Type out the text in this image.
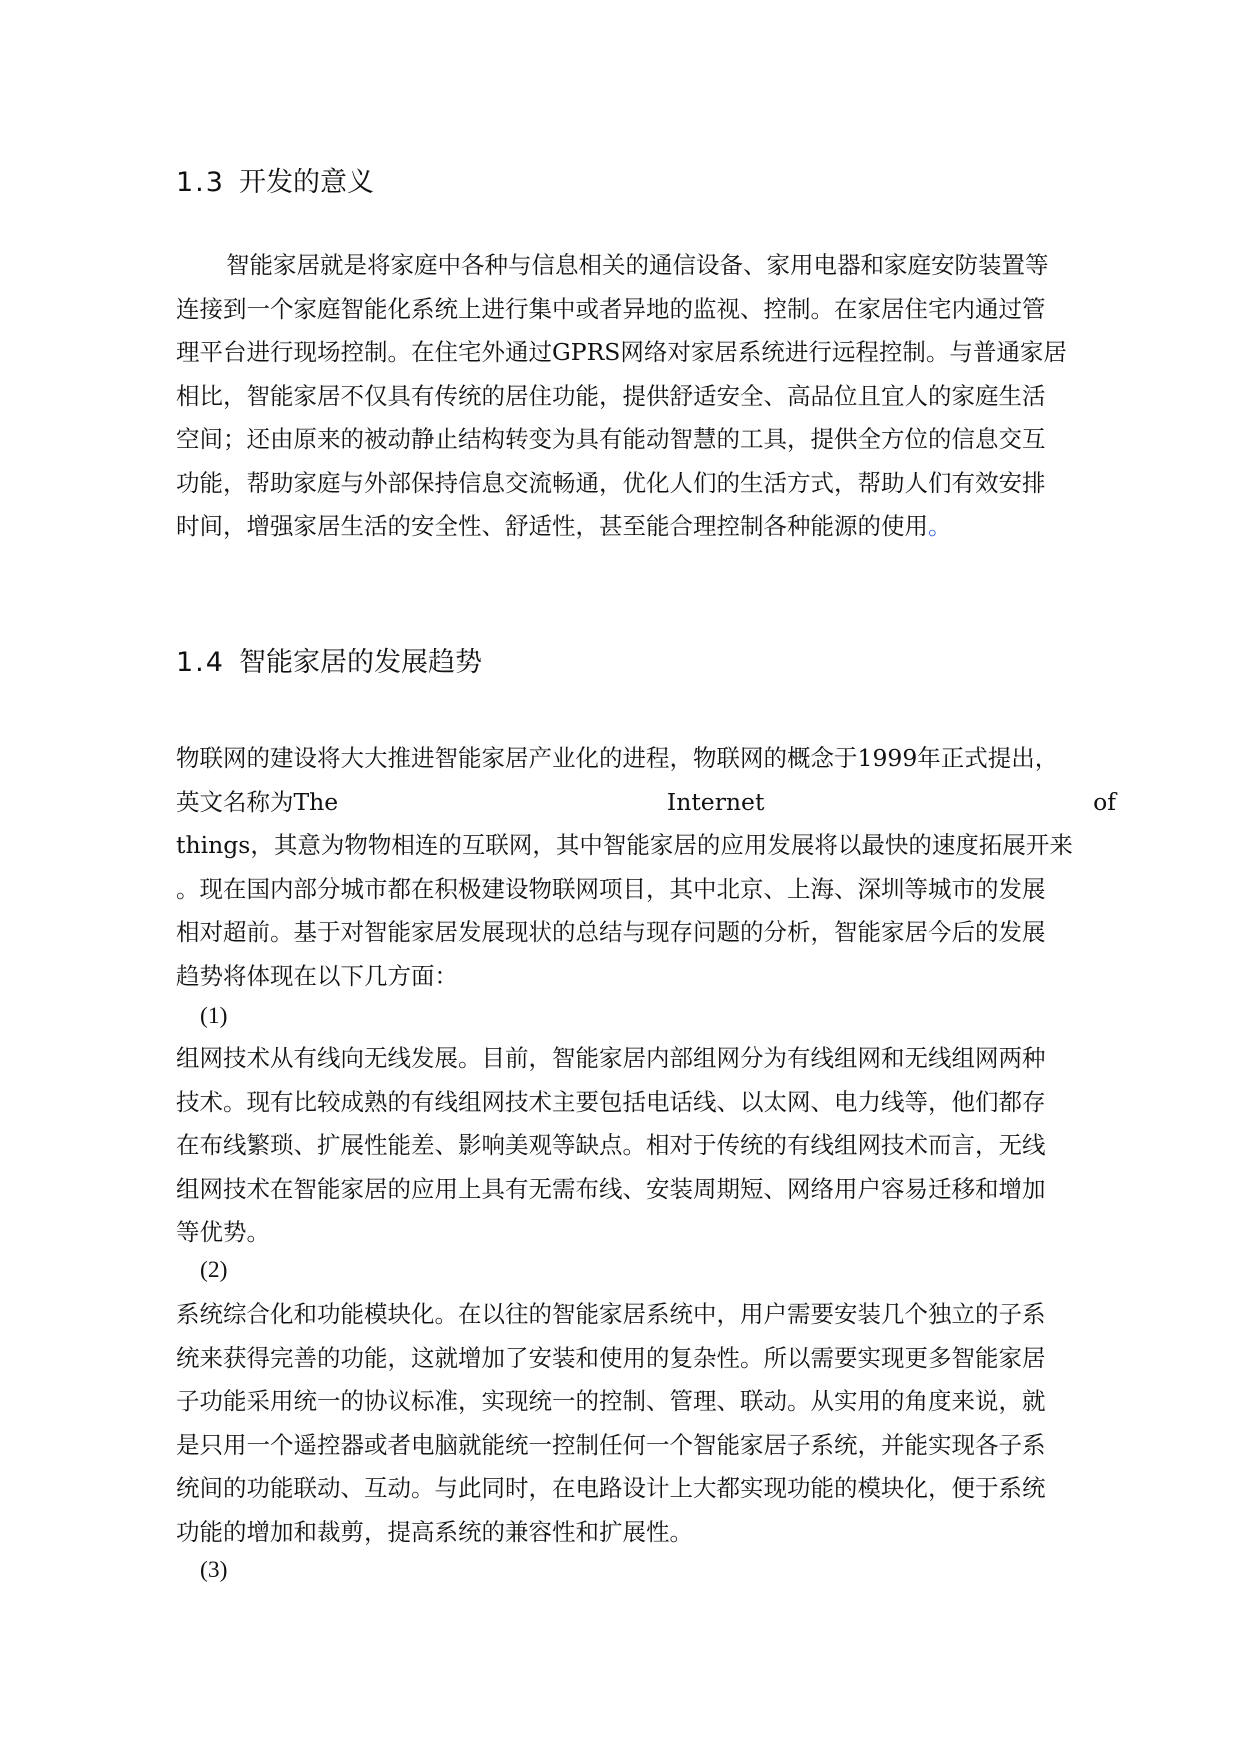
1.3 开发的意义
智能家居就是将家庭中各种与信息相关的通信设备、家用电器和家庭安防装置等
连接到一个家庭智能化系统上进行集中或者异地的监视、控制。在家居住宅内通过管
理平台进行现场控制。在住宅外通过GPRS网络对家居系统进行远程控制。与普通家居
相比，智能家居不仅具有传统的居住功能，提供舒适安全、高品位且宜人的家庭生活
空间；还由原来的被动静止结构转变为具有能动智慧的工具，提供全方位的信息交互
功能，帮助家庭与外部保持信息交流畅通，优化人们的生活方式，帮助人们有效安排
时间，增强家居生活的安全性、舒适性，甚至能合理控制各种能源的使用。
1.4 智能家居的发展趋势
物联网的建设将大大推进智能家居产业化的进程，物联网的概念于1999年正式提出，
英文名称为The	Internet	of
things，其意为物物相连的互联网，其中智能家居的应用发展将以最快的速度拓展开来
。现在国内部分城市都在积极建设物联网项目，其中北京、上海、深圳等城市的发展
相对超前。基于对智能家居发展现状的总结与现存问题的分析，智能家居今后的发展
趋势将体现在以下几方面：

(1)

组网技术从有线向无线发展。目前，智能家居内部组网分为有线组网和无线组网两种
技术。现有比较成熟的有线组网技术主要包括电话线、以太网、电力线等，他们都存
在布线繁琐、扩展性能差、影响美观等缺点。相对于传统的有线组网技术而言，无线
组网技术在智能家居的应用上具有无需布线、安装周期短、网络用户容易迁移和增加
等优势。

(2)

系统综合化和功能模块化。在以往的智能家居系统中，用户需要安装几个独立的子系
统来获得完善的功能，这就增加了安装和使用的复杂性。所以需要实现更多智能家居
子功能采用统一的协议标准，实现统一的控制、管理、联动。从实用的角度来说，就
是只用一个遥控器或者电脑就能统一控制任何一个智能家居子系统，并能实现各子系
统间的功能联动、互动。与此同时，在电路设计上大都实现功能的模块化，便于系统
功能的增加和裁剪，提高系统的兼容性和扩展性。

(3)
